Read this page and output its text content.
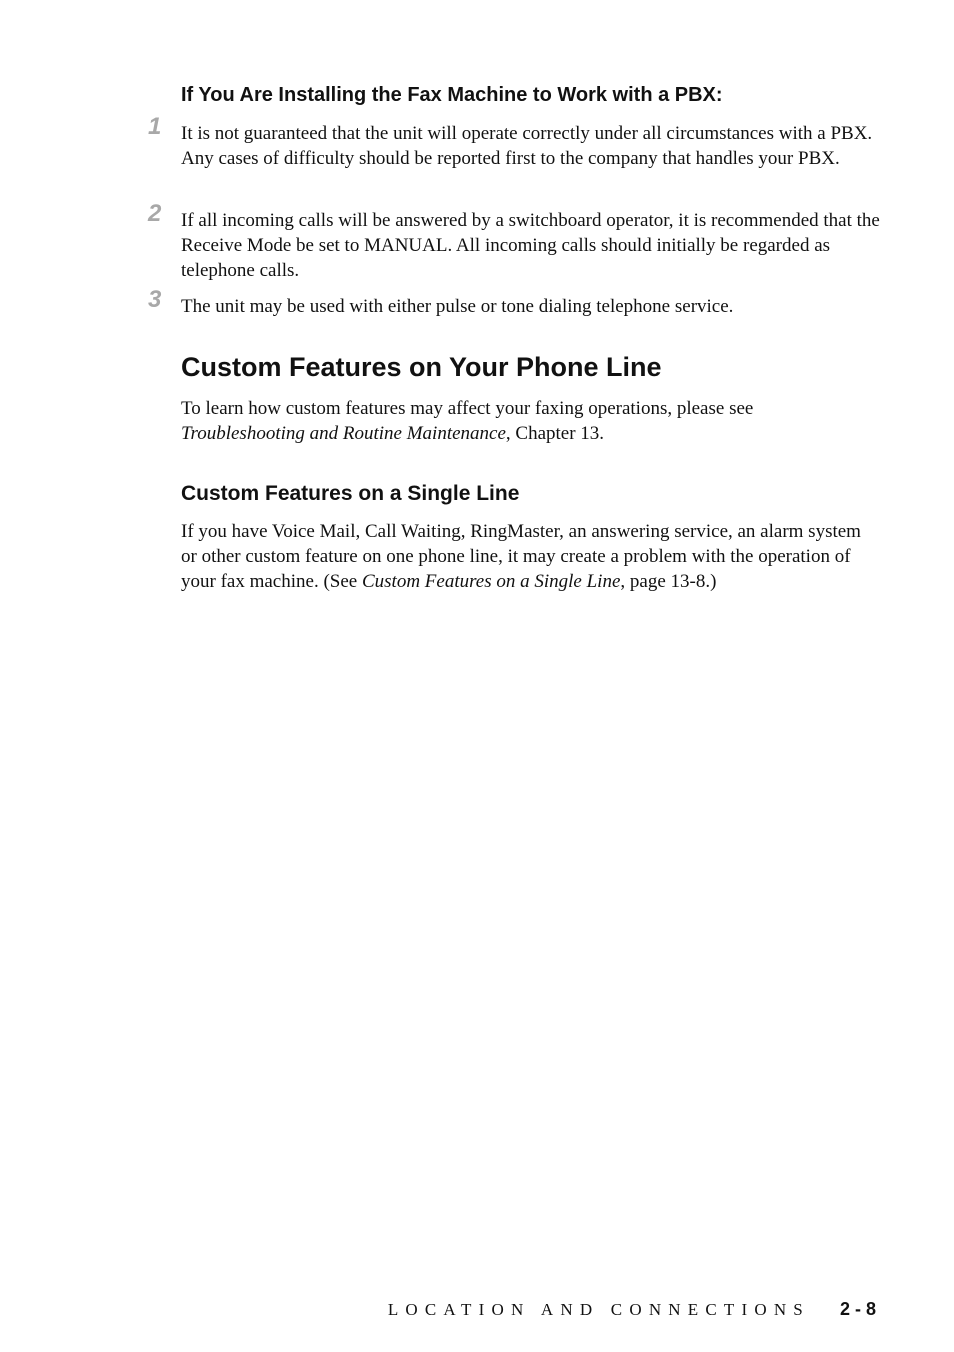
If You Are Installing the Fax Machine to Work with a PBX:
1 It is not guaranteed that the unit will operate correctly under all circumstances with a PBX. Any cases of difficulty should be reported first to the company that handles your PBX.
2 If all incoming calls will be answered by a switchboard operator, it is recommended that the Receive Mode be set to MANUAL. All incoming calls should initially be regarded as telephone calls.
3 The unit may be used with either pulse or tone dialing telephone service.
Custom Features on Your Phone Line

To learn how custom features may affect your faxing operations, please see Troubleshooting and Routine Maintenance, Chapter 13.

Custom Features on a Single Line

If you have Voice Mail, Call Waiting, RingMaster, an answering service, an alarm system or other custom feature on one phone line, it may create a problem with the operation of your fax machine. (See Custom Features on a Single Line, page 13-8.)

LOCATION AND CONNECTIONS 2 - 8
